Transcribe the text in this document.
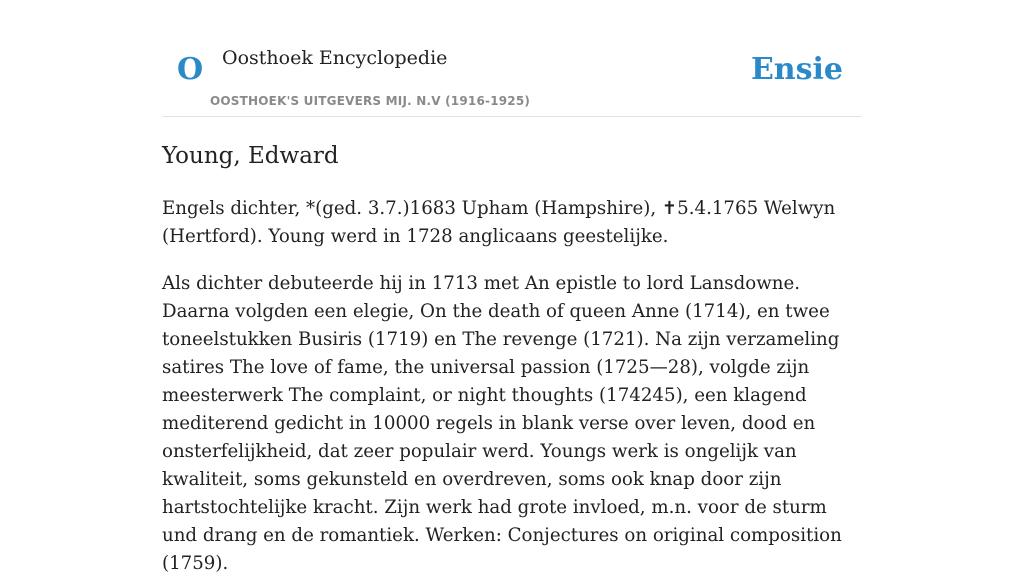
O Oosthoek Encyclopedie
OOSTHOEK'S UITGEVERS MIJ. N.V (1916-1925)
Ensie
Young, Edward

Engels dichter, *(ged. 3.7.)1683 Upham (Hampshire), ✝5.4.1765 Welwyn (Hertford). Young werd in 1728 anglicaans geestelijke.

Als dichter debuteerde hij in 1713 met An epistle to lord Lansdowne. Daarna volgden een elegie, On the death of queen Anne (1714), en twee toneelstukken Busiris (1719) en The revenge (1721). Na zijn verzameling satires The love of fame, the universal passion (1725—28), volgde zijn meesterwerk The complaint, or night thoughts (174245), een klagend mediterend gedicht in 10000 regels in blank verse over leven, dood en onsterfelijkheid, dat zeer populair werd. Youngs werk is ongelijk van kwaliteit, soms gekunsteld en overdreven, soms ook knap door zijn hartstochtelijke kracht. Zijn werk had grote invloed, m.n. voor de sturm und drang en de romantiek. Werken: Conjectures on original composition (1759).
